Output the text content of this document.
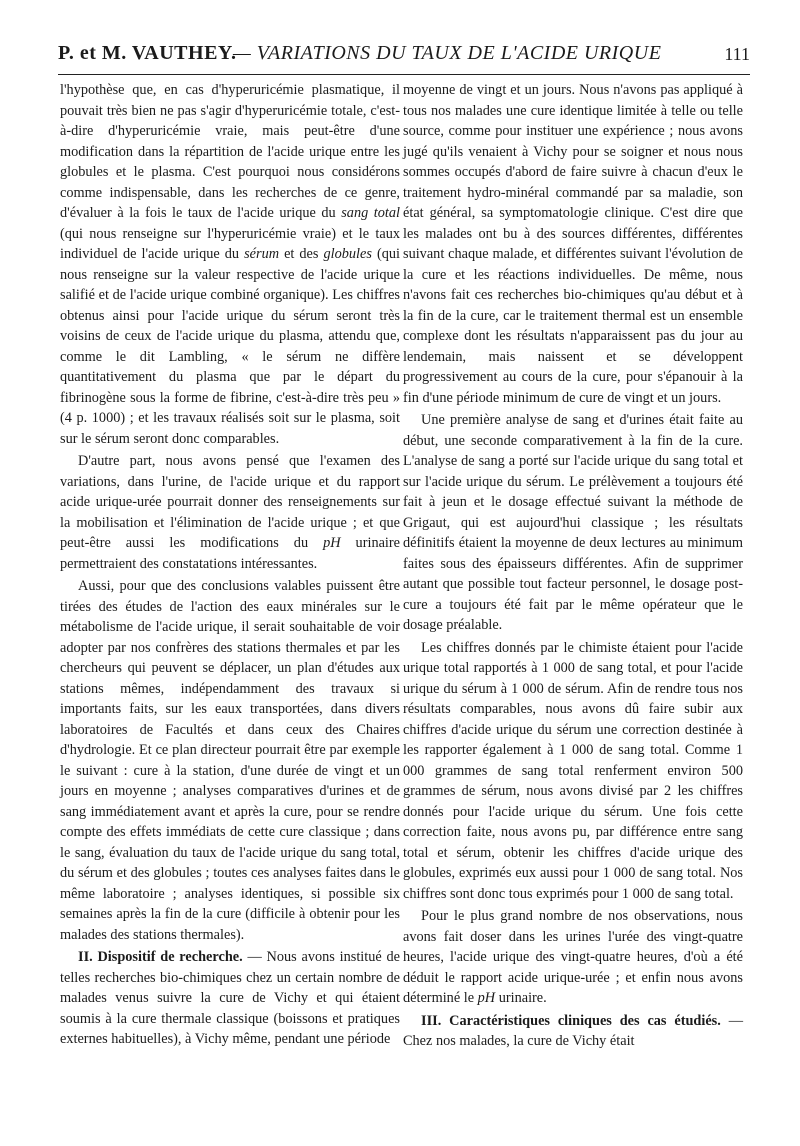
P. et M. VAUTHEY.
— VARIATIONS DU TAUX DE L'ACIDE URIQUE	111

l'hypothèse que, en cas d'hyperuricémie plasmatique, il pouvait très bien ne pas s'agir d'hyperuricémie totale, c'est-à-dire d'hyperuricémie vraie, mais peut-être d'une modification dans la répartition de l'acide urique entre les globules et le plasma. C'est pourquoi nous considérons comme indispensable, dans les recherches de ce genre, d'évaluer à la fois le taux de l'acide urique du sang total (qui nous renseigne sur l'hyperuricémie vraie) et le taux individuel de l'acide urique du sérum et des globules (qui nous renseigne sur la valeur respective de l'acide urique salifié et de l'acide urique combiné organique). Les chiffres obtenus ainsi pour l'acide urique du sérum seront très voisins de ceux de l'acide urique du plasma, attendu que, comme le dit Lambling, « le sérum ne diffère quantitativement du plasma que par le départ du fibrinogène sous la forme de fibrine, c'est-à-dire très peu » (4 p. 1000) ; et les travaux réalisés soit sur le plasma, soit sur le sérum seront donc comparables.

D'autre part, nous avons pensé que l'examen des variations, dans l'urine, de l'acide urique et du rapport acide urique-urée pourrait donner des renseignements sur la mobilisation et l'élimination de l'acide urique ; et que peut-être aussi les modifications du pH urinaire permettraient des constatations intéressantes.

Aussi, pour que des conclusions valables puissent être tirées des études de l'action des eaux minérales sur le métabolisme de l'acide urique, il serait souhaitable de voir adopter par nos confrères des stations thermales et par les chercheurs qui peuvent se déplacer, un plan d'études aux stations mêmes, indépendamment des travaux si importants faits, sur les eaux transportées, dans divers laboratoires de Facultés et dans ceux des Chaires d'hydrologie. Et ce plan directeur pourrait être par exemple le suivant : cure à la station, d'une durée de vingt et un jours en moyenne ; analyses comparatives d'urines et de sang immédiatement avant et après la cure, pour se rendre compte des effets immédiats de cette cure classique ; dans le sang, évaluation du taux de l'acide urique du sang total, du sérum et des globules ; toutes ces analyses faites dans le même laboratoire ; analyses identiques, si possible six semaines après la fin de la cure (difficile à obtenir pour les malades des stations thermales).

II. Dispositif de recherche. — Nous avons institué de telles recherches bio-chimiques chez un certain nombre de malades venus suivre la cure de Vichy et qui étaient soumis à la cure thermale classique (boissons et pratiques externes habituelles), à Vichy même, pendant une période

moyenne de vingt et un jours. Nous n'avons pas appliqué à tous nos malades une cure identique limitée à telle ou telle source, comme pour instituer une expérience ; nous avons jugé qu'ils venaient à Vichy pour se soigner et nous nous sommes occupés d'abord de faire suivre à chacun d'eux le traitement hydro-minéral commandé par sa maladie, son état général, sa symptomatologie clinique. C'est dire que les malades ont bu à des sources différentes, différentes suivant chaque malade, et différentes suivant l'évolution de la cure et les réactions individuelles. De même, nous n'avons fait ces recherches bio-chimiques qu'au début et à la fin de la cure, car le traitement thermal est un ensemble complexe dont les résultats n'apparaissent pas du jour au lendemain, mais naissent et se développent progressivement au cours de la cure, pour s'épanouir à la fin d'une période minimum de cure de vingt et un jours.

Une première analyse de sang et d'urines était faite au début, une seconde comparativement à la fin de la cure. L'analyse de sang a porté sur l'acide urique du sang total et sur l'acide urique du sérum. Le prélèvement a toujours été fait à jeun et le dosage effectué suivant la méthode de Grigaut, qui est aujourd'hui classique ; les résultats définitifs étaient la moyenne de deux lectures au minimum faites sous des épaisseurs différentes. Afin de supprimer autant que possible tout facteur personnel, le dosage post-cure a toujours été fait par le même opérateur que le dosage préalable.

Les chiffres donnés par le chimiste étaient pour l'acide urique total rapportés à 1 000 de sang total, et pour l'acide urique du sérum à 1 000 de sérum. Afin de rendre tous nos résultats comparables, nous avons dû faire subir aux chiffres d'acide urique du sérum une correction destinée à les rapporter également à 1 000 de sang total. Comme 1 000 grammes de sang total renferment environ 500 grammes de sérum, nous avons divisé par 2 les chiffres donnés pour l'acide urique du sérum. Une fois cette correction faite, nous avons pu, par différence entre sang total et sérum, obtenir les chiffres d'acide urique des globules, exprimés eux aussi pour 1 000 de sang total. Nos chiffres sont donc tous exprimés pour 1 000 de sang total.

Pour le plus grand nombre de nos observations, nous avons fait doser dans les urines l'urée des vingt-quatre heures, l'acide urique des vingt-quatre heures, d'où a été déduit le rapport acide urique-urée ; et enfin nous avons déterminé le pH urinaire.

III. Caractéristiques cliniques des cas étudiés. — Chez nos malades, la cure de Vichy était
